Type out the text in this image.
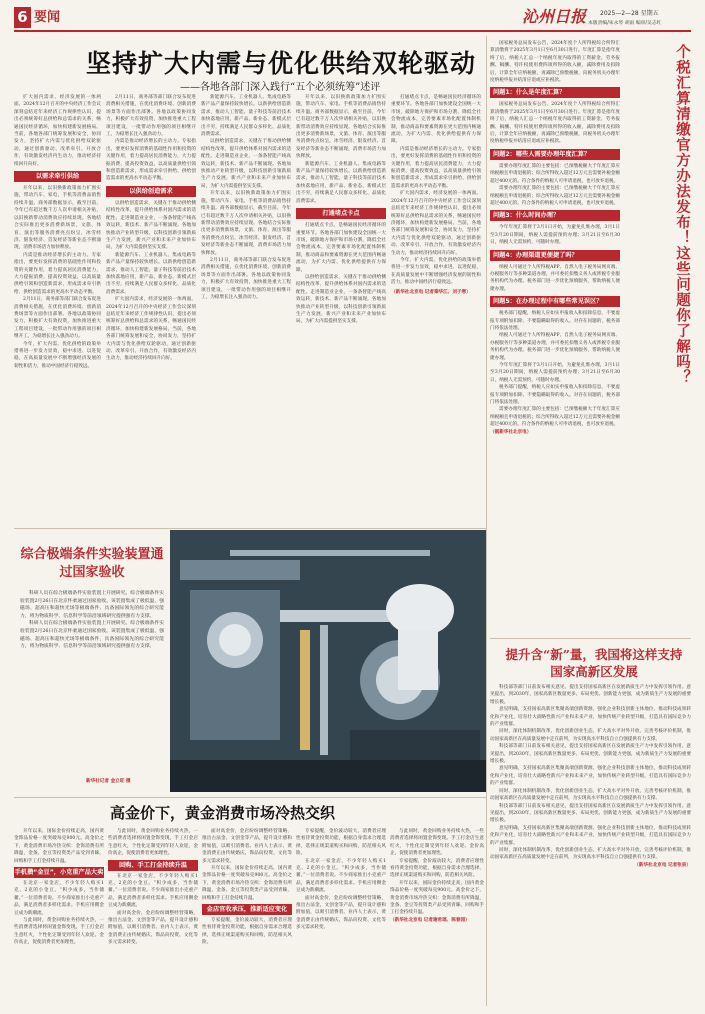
6 要闻	沁州日报 2025—2—28 星期五
本版责编/朱永琴 胡雨 编审/吴志红
坚持扩大内需与优化供给双轮驱动
——各地各部门深入践行“五个必须统筹”述评

扩大国内需求，经济发展的一体两面。2024年12月召开的中央经济工作会议深刻总结近年来经济工作规律性认识，提出必须统筹好总供给和总需求的关系，畅通国民经济循环，加快构建新发展格局。当前，各地各部门统筹发展和安全，协同发力，坚持扩大内需与优化供给双轮驱动，通过创新驱动、改革牵引、开放合作，有效激发经济内生动力，推动经济持续回升向好。

以需求牵引供给

开年以来，以旧换新政策加力扩围实施，带动汽车、家电、手机等消费品销售持续升温。商务部数据显示，截至目前，今年已有超过数千万人次申请相关补贴，以旧换新带动消费效应持续显现。各地结合实际推出更多消费新场景，文旅、体育、演出等服务消费亮点纷呈，冰雪经济、银发经济、首发经济等新业态不断涌现，消费市场活力加快释放。

内需是推动经济增长的主动力。专家指出，要更好发挥消费的基础性作用和投资的关键作用，着力提高居民消费能力，大力提振消费、提高投资效益，以高质量供给引领和创造新需求，形成需求牵引供给、供给创造需求的更高水平动态平衡。

2月11日，商务部等部门联合发布促进消费相关措施，在优化消费环境、创新消费场景等方面作出部署。各地以政策协同发力，积极扩大有效投资，加快推进重大工程项目建设，一批带动作用强的项目相继开工，为稳增长注入强劲动力。

今年，扩大内需、优化供给的政策举措将进一步发力显效，稳中求进、以进促稳，在高质量发展中不断增强经济发展的韧性和活力，推动中国经济行稳致远。

2月11日，商务部等部门联合发布促进消费相关措施，在优化消费环境、创新消费场景等方面作出部署。各地以政策协同发力，积极扩大有效投资，加快推进重大工程项目建设，一批带动作用强的项目相继开工，为稳增长注入强劲动力。

内需是推动经济增长的主动力。专家指出，要更好发挥消费的基础性作用和投资的关键作用，着力提高居民消费能力，大力提振消费、提高投资效益，以高质量供给引领和创造新需求，形成需求牵引供给、供给创造需求的更高水平动态平衡。

以供给创造需求

以供给创造需求，关键在于推动供给侧结构性改革，提升供给体系对国内需求的适配性。走进制造业企业，一条条智能产线高效运转，新技术、新产品不断涌现。各地加快推动产业转型升级，以科技创新引领新质生产力发展，新兴产业和未来产业加快布局，为扩大内需提供坚实支撑。

新能源汽车、工业机器人、集成电路等新产品产量保持较快增长。以新供给创造新需求，推动人工智能、量子科技等前沿技术加快落地应用，新产品、新业态、新模式层出不穷，持续满足人民群众多样化、品质化消费需求。

扩大国内需求，经济发展的一体两面。2024年12月召开的中央经济工作会议深刻总结近年来经济工作规律性认识，提出必须统筹好总供给和总需求的关系，畅通国民经济循环，加快构建新发展格局。当前，各地各部门统筹发展和安全，协同发力，坚持扩大内需与优化供给双轮驱动，通过创新驱动、改革牵引、开放合作，有效激发经济内生动力，推动经济持续回升向好。

新能源汽车、工业机器人、集成电路等新产品产量保持较快增长。以新供给创造新需求，推动人工智能、量子科技等前沿技术加快落地应用，新产品、新业态、新模式层出不穷，持续满足人民群众多样化、品质化消费需求。

以供给创造需求，关键在于推动供给侧结构性改革，提升供给体系对国内需求的适配性。走进制造业企业，一条条智能产线高效运转，新技术、新产品不断涌现。各地加快推动产业转型升级，以科技创新引领新质生产力发展，新兴产业和未来产业加快布局，为扩大内需提供坚实支撑。

开年以来，以旧换新政策加力扩围实施，带动汽车、家电、手机等消费品销售持续升温。商务部数据显示，截至目前，今年已有超过数千万人次申请相关补贴，以旧换新带动消费效应持续显现。各地结合实际推出更多消费新场景，文旅、体育、演出等服务消费亮点纷呈，冰雪经济、银发经济、首发经济等新业态不断涌现，消费市场活力加快释放。

2月11日，商务部等部门联合发布促进消费相关措施，在优化消费环境、创新消费场景等方面作出部署。各地以政策协同发力，积极扩大有效投资，加快推进重大工程项目建设，一批带动作用强的项目相继开工，为稳增长注入强劲动力。

开年以来，以旧换新政策加力扩围实施，带动汽车、家电、手机等消费品销售持续升温。商务部数据显示，截至目前，今年已有超过数千万人次申请相关补贴，以旧换新带动消费效应持续显现。各地结合实际推出更多消费新场景，文旅、体育、演出等服务消费亮点纷呈，冰雪经济、银发经济、首发经济等新业态不断涌现，消费市场活力加快释放。

新能源汽车、工业机器人、集成电路等新产品产量保持较快增长。以新供给创造新需求，推动人工智能、量子科技等前沿技术加快落地应用，新产品、新业态、新模式层出不穷，持续满足人民群众多样化、品质化消费需求。

打通堵点卡点

打通堵点卡点，是畅通国民经济循环的重要环节。各地各部门加快建设全国统一大市场，破除地方保护和市场分割，降低全社会物流成本，完善要素市场化配置体制机制，推动商品和要素资源在更大范围内畅通流动，为扩大内需、优化供给提供有力保障。

以供给创造需求，关键在于推动供给侧结构性改革，提升供给体系对国内需求的适配性。走进制造业企业，一条条智能产线高效运转，新技术、新产品不断涌现。各地加快推动产业转型升级，以科技创新引领新质生产力发展，新兴产业和未来产业加快布局，为扩大内需提供坚实支撑。

打通堵点卡点，是畅通国民经济循环的重要环节。各地各部门加快建设全国统一大市场，破除地方保护和市场分割，降低全社会物流成本，完善要素市场化配置体制机制，推动商品和要素资源在更大范围内畅通流动，为扩大内需、优化供给提供有力保障。

内需是推动经济增长的主动力。专家指出，要更好发挥消费的基础性作用和投资的关键作用，着力提高居民消费能力，大力提振消费、提高投资效益，以高质量供给引领和创造新需求，形成需求牵引供给、供给创造需求的更高水平动态平衡。

扩大国内需求，经济发展的一体两面。2024年12月召开的中央经济工作会议深刻总结近年来经济工作规律性认识，提出必须统筹好总供给和总需求的关系，畅通国民经济循环，加快构建新发展格局。当前，各地各部门统筹发展和安全，协同发力，坚持扩大内需与优化供给双轮驱动，通过创新驱动、改革牵引、开放合作，有效激发经济内生动力，推动经济持续回升向好。

今年，扩大内需、优化供给的政策举措将进一步发力显效，稳中求进、以进促稳，在高质量发展中不断增强经济发展的韧性和活力，推动中国经济行稳致远。

（新华社北京电 记者秦华江、刘子寒）

国家税务总局发布公告，2024年度个人所得税综合所得汇算清缴将于2025年3月1日至6月30日进行。年度汇算是指年度终了后，纳税人汇总一个纳税年度内取得的工资薪金、劳务报酬、稿酬、特许权使用费四项所得的收入额，减除费用及扣除后，计算全年应纳税额，再减除已预缴税额，向税务机关办理年度纳税申报并结清应退或应补税款。

问题1：什么是年度汇算？

国家税务总局发布公告，2024年度个人所得税综合所得汇算清缴将于2025年3月1日至6月30日进行。年度汇算是指年度终了后，纳税人汇总一个纳税年度内取得的工资薪金、劳务报酬、稿酬、特许权使用费四项所得的收入额，减除费用及扣除后，计算全年应纳税额，再减除已预缴税额，向税务机关办理年度纳税申报并结清应退或应补税款。

问题2：哪些人需要办理年度汇算？

需要办理年度汇算的主要包括：已预缴税额大于年度汇算应纳税额且申请退税的；综合所得收入超过12万元且需要补税金额超过400元的。符合条件的纳税人可申请退税，也可放弃退税。

需要办理年度汇算的主要包括：已预缴税额大于年度汇算应纳税额且申请退税的；综合所得收入超过12万元且需要补税金额超过400元的。符合条件的纳税人可申请退税，也可放弃退税。

问题3：什么时间办理？

今年年度汇算将于3月1日开始，为避免扎堆办理，3月1日至3月20日期间，纳税人需提前预约办理；3月21日至6月30日，纳税人无需预约，可随时办理。

问题4：办理渠道更便捷了吗？

纳税人可通过个人所得税APP、自然人电子税务局网页端、办税服务厅等多种渠道办理，并可委托扣缴义务人或涉税专业服务机构代为办理。税务部门进一步优化预填服务，帮助纳税人便捷办理。

问题5：在办理过程中有哪些常见误区？

税务部门提醒，纳税人应如实申报收入和扣除信息，不要虚报专项附加扣除、不要隐瞒取得的收入。对存在问题的，税务部门将依法处理。

纳税人可通过个人所得税APP、自然人电子税务局网页端、办税服务厅等多种渠道办理，并可委托扣缴义务人或涉税专业服务机构代为办理。税务部门进一步优化预填服务，帮助纳税人便捷办理。

今年年度汇算将于3月1日开始，为避免扎堆办理，3月1日至3月20日期间，纳税人需提前预约办理；3月21日至6月30日，纳税人无需预约，可随时办理。

税务部门提醒，纳税人应如实申报收入和扣除信息，不要虚报专项附加扣除、不要隐瞒取得的收入。对存在问题的，税务部门将依法处理。

需要办理年度汇算的主要包括：已预缴税额大于年度汇算应纳税额且申请退税的；综合所得收入超过12万元且需要补税金额超过400元的。符合条件的纳税人可申请退税，也可放弃退税。

（据新华社北京电）

个税汇算清缴官方办法发布！这些问题你了解吗？
提升含“新”量，我国将这样支持国家高新区发展

科技部等部门日前发布相关意见，提出支持国家高新区在发展新质生产力中发挥引领作用。意见提出，到2030年，国家高新区数量更多、布局更优、创新能力更强，成为新质生产力发展的重要增长极。

意见明确，支持国家高新区集聚高端创新资源，强化企业科技创新主体地位，推动科技成果转化和产业化，培育壮大战略性新兴产业和未来产业，加快传统产业转型升级，打造具有国际竞争力的产业集群。

同时，深化体制机制改革，优化创新创业生态，扩大高水平对外开放，完善考核评价机制，推动国家高新区在高质量发展中走在前列，为实现高水平科技自立自强提供有力支撑。

科技部等部门日前发布相关意见，提出支持国家高新区在发展新质生产力中发挥引领作用。意见提出，到2030年，国家高新区数量更多、布局更优、创新能力更强，成为新质生产力发展的重要增长极。

意见明确，支持国家高新区集聚高端创新资源，强化企业科技创新主体地位，推动科技成果转化和产业化，培育壮大战略性新兴产业和未来产业，加快传统产业转型升级，打造具有国际竞争力的产业集群。

同时，深化体制机制改革，优化创新创业生态，扩大高水平对外开放，完善考核评价机制，推动国家高新区在高质量发展中走在前列，为实现高水平科技自立自强提供有力支撑。

科技部等部门日前发布相关意见，提出支持国家高新区在发展新质生产力中发挥引领作用。意见提出，到2030年，国家高新区数量更多、布局更优、创新能力更强，成为新质生产力发展的重要增长极。

意见明确，支持国家高新区集聚高端创新资源，强化企业科技创新主体地位，推动科技成果转化和产业化，培育壮大战略性新兴产业和未来产业，加快传统产业转型升级，打造具有国际竞争力的产业集群。

同时，深化体制机制改革，优化创新创业生态，扩大高水平对外开放，完善考核评价机制，推动国家高新区在高质量发展中走在前列，为实现高水平科技自立自强提供有力支撑。

（新华社北京电 记者张泉）

综合极端条件实验装置通过国家验收

科研人员在综合极端条件实验装置上开展研究。综合极端条件实验装置2月26日在北京怀柔通过国家验收。该装置集成了极低温、强磁场、超高压和超快光场等极端条件，具备国际领先的综合研究能力，将为物质科学、信息科学等前沿领域研究提供强有力支撑。

科研人员在综合极端条件实验装置上开展研究。综合极端条件实验装置2月26日在北京怀柔通过国家验收。该装置集成了极低温、强磁场、超高压和超快光场等极端条件，具备国际领先的综合研究能力，将为物质科学、信息科学等前沿领域研究提供强有力支撑。

新华社记者 金立旺 摄
高金价下，黄金消费市场冷热交织

开年以来，国际金价持续走高，国内黄金饰品价格一度突破每克900元。高金价之下，黄金消费市场冷热交织：金饰消费有所降温，金条、金豆等投资类产品受到青睐，回购和手工打金持续升温。

手机攒“金豆”，小克重产品大卖

在北京一家金店，不少年轻人购买1克、2克的小金豆。“积少成多，当作储蓄。”一位消费者说。不少商家推出小克重产品，满足消费者多样化需求。手机应用攒金豆成为新潮流。

与此同时，黄金回购业务持续火热，一些消费者选择将闲置金饰变现。手工打金店生意红火，个性化定制受到年轻人欢迎。金价高企，促使消费者更加理性。

与此同时，黄金回购业务持续火热，一些消费者选择将闲置金饰变现。手工打金店生意红火，个性化定制受到年轻人欢迎。金价高企，促使消费者更加理性。

回购、手工打金持续升温

在北京一家金店，不少年轻人购买1克、2克的小金豆。“积少成多，当作储蓄。”一位消费者说。不少商家推出小克重产品，满足消费者多样化需求。手机应用攒金豆成为新潮流。

面对高金价，金店纷纷调整经营策略，推出古法金、文创金等产品，提升设计感和附加值，以吸引消费者。业内人士表示，黄金消费正由传统婚庆、饰品向投资、文化等多元需求转变。

面对高金价，金店纷纷调整经营策略，推出古法金、文创金等产品，提升设计感和附加值，以吸引消费者。业内人士表示，黄金消费正由传统婚庆、饰品向投资、文化等多元需求转变。

开年以来，国际金价持续走高，国内黄金饰品价格一度突破每克900元。高金价之下，黄金消费市场冷热交织：金饰消费有所降温，金条、金豆等投资类产品受到青睐，回购和手工打金持续升温。

金店官收承压，推新适应变化

专家提醒，金价波动较大，消费者应理性看待黄金投资功能，根据自身需求合理选择，选择正规渠道购买和回购，防范相关风险。

专家提醒，金价波动较大，消费者应理性看待黄金投资功能，根据自身需求合理选择，选择正规渠道购买和回购，防范相关风险。

在北京一家金店，不少年轻人购买1克、2克的小金豆。“积少成多，当作储蓄。”一位消费者说。不少商家推出小克重产品，满足消费者多样化需求。手机应用攒金豆成为新潮流。

面对高金价，金店纷纷调整经营策略，推出古法金、文创金等产品，提升设计感和附加值，以吸引消费者。业内人士表示，黄金消费正由传统婚庆、饰品向投资、文化等多元需求转变。

与此同时，黄金回购业务持续火热，一些消费者选择将闲置金饰变现。手工打金店生意红火，个性化定制受到年轻人欢迎。金价高企，促使消费者更加理性。

专家提醒，金价波动较大，消费者应理性看待黄金投资功能，根据自身需求合理选择，选择正规渠道购买和回购，防范相关风险。

开年以来，国际金价持续走高，国内黄金饰品价格一度突破每克900元。高金价之下，黄金消费市场冷热交织：金饰消费有所降温，金条、金豆等投资类产品受到青睐，回购和手工打金持续升温。

（新华社北京电 记者谢希瑶、陈春园）
